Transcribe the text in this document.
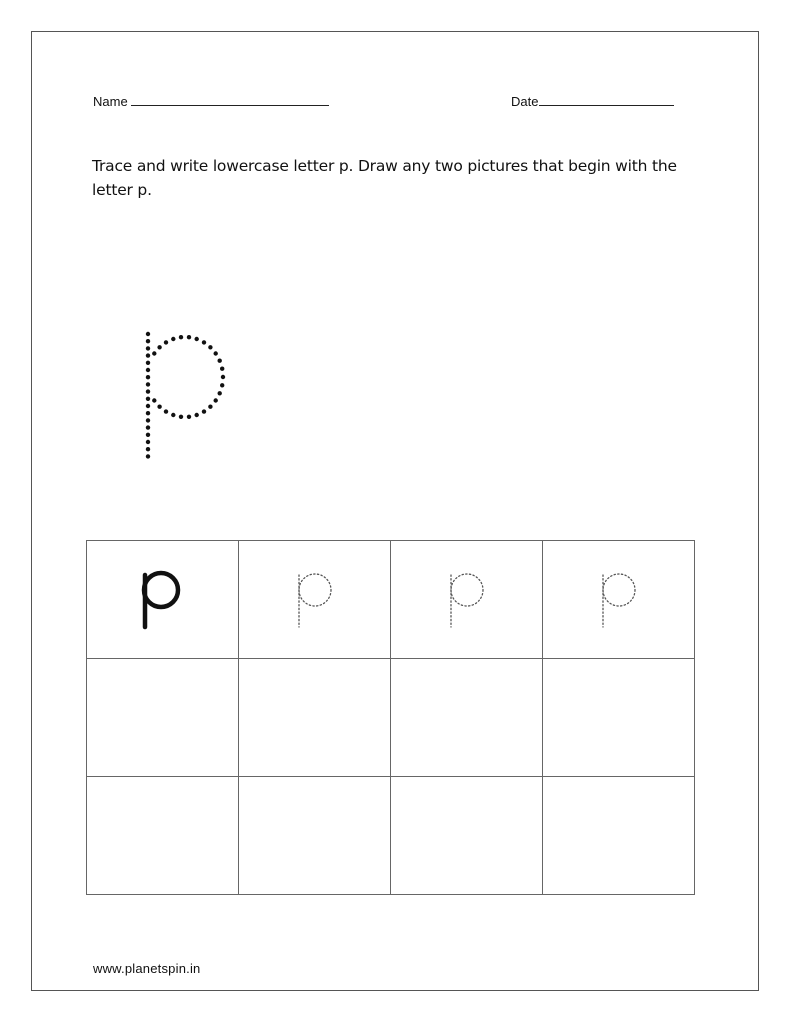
Name	Date
Trace and write lowercase letter p. Draw any two pictures that begin with the letter p.

www.planetspin.in
